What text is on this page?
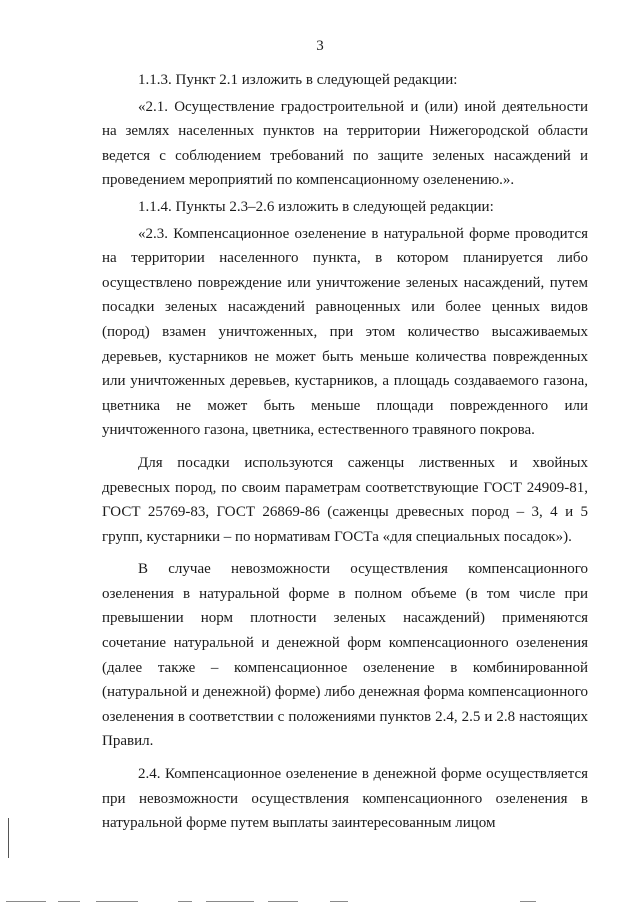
3

1.1.3. Пункт 2.1 изложить в следующей редакции:

«2.1. Осуществление градостроительной и (или) иной деятельности на землях населенных пунктов на территории Нижегородской области ведется с соблюдением требований по защите зеленых насаждений и проведением мероприятий по компенсационному озеленению.».

1.1.4. Пункты 2.3–2.6 изложить в следующей редакции:

«2.3. Компенсационное озеленение в натуральной форме проводится на территории населенного пункта, в котором планируется либо осуществлено повреждение или уничтожение зеленых насаждений, путем посадки зеленых насаждений равноценных или более ценных видов (пород) взамен уничтоженных, при этом количество высаживаемых деревьев, кустарников не может быть меньше количества поврежденных или уничтоженных деревьев, кустарников, а площадь создаваемого газона, цветника не может быть меньше площади поврежденного или уничтоженного газона, цветника, естественного травяного покрова.

Для посадки используются саженцы лиственных и хвойных древесных пород, по своим параметрам соответствующие ГОСТ 24909-81, ГОСТ 25769-83, ГОСТ 26869-86 (саженцы древесных пород – 3, 4 и 5 групп, кустарники – по нормативам ГОСТа «для специальных посадок»).

В случае невозможности осуществления компенсационного озеленения в натуральной форме в полном объеме (в том числе при превышении норм плотности зеленых насаждений) применяются сочетание натуральной и денежной форм компенсационного озеленения (далее также – компенсационное озеленение в комбинированной (натуральной и денежной) форме) либо денежная форма компенсационного озеленения в соответствии с положениями пунктов 2.4, 2.5 и 2.8 настоящих Правил.

2.4. Компенсационное озеленение в денежной форме осуществляется при невозможности осуществления компенсационного озеленения в натуральной форме путем выплаты заинтересованным лицом
